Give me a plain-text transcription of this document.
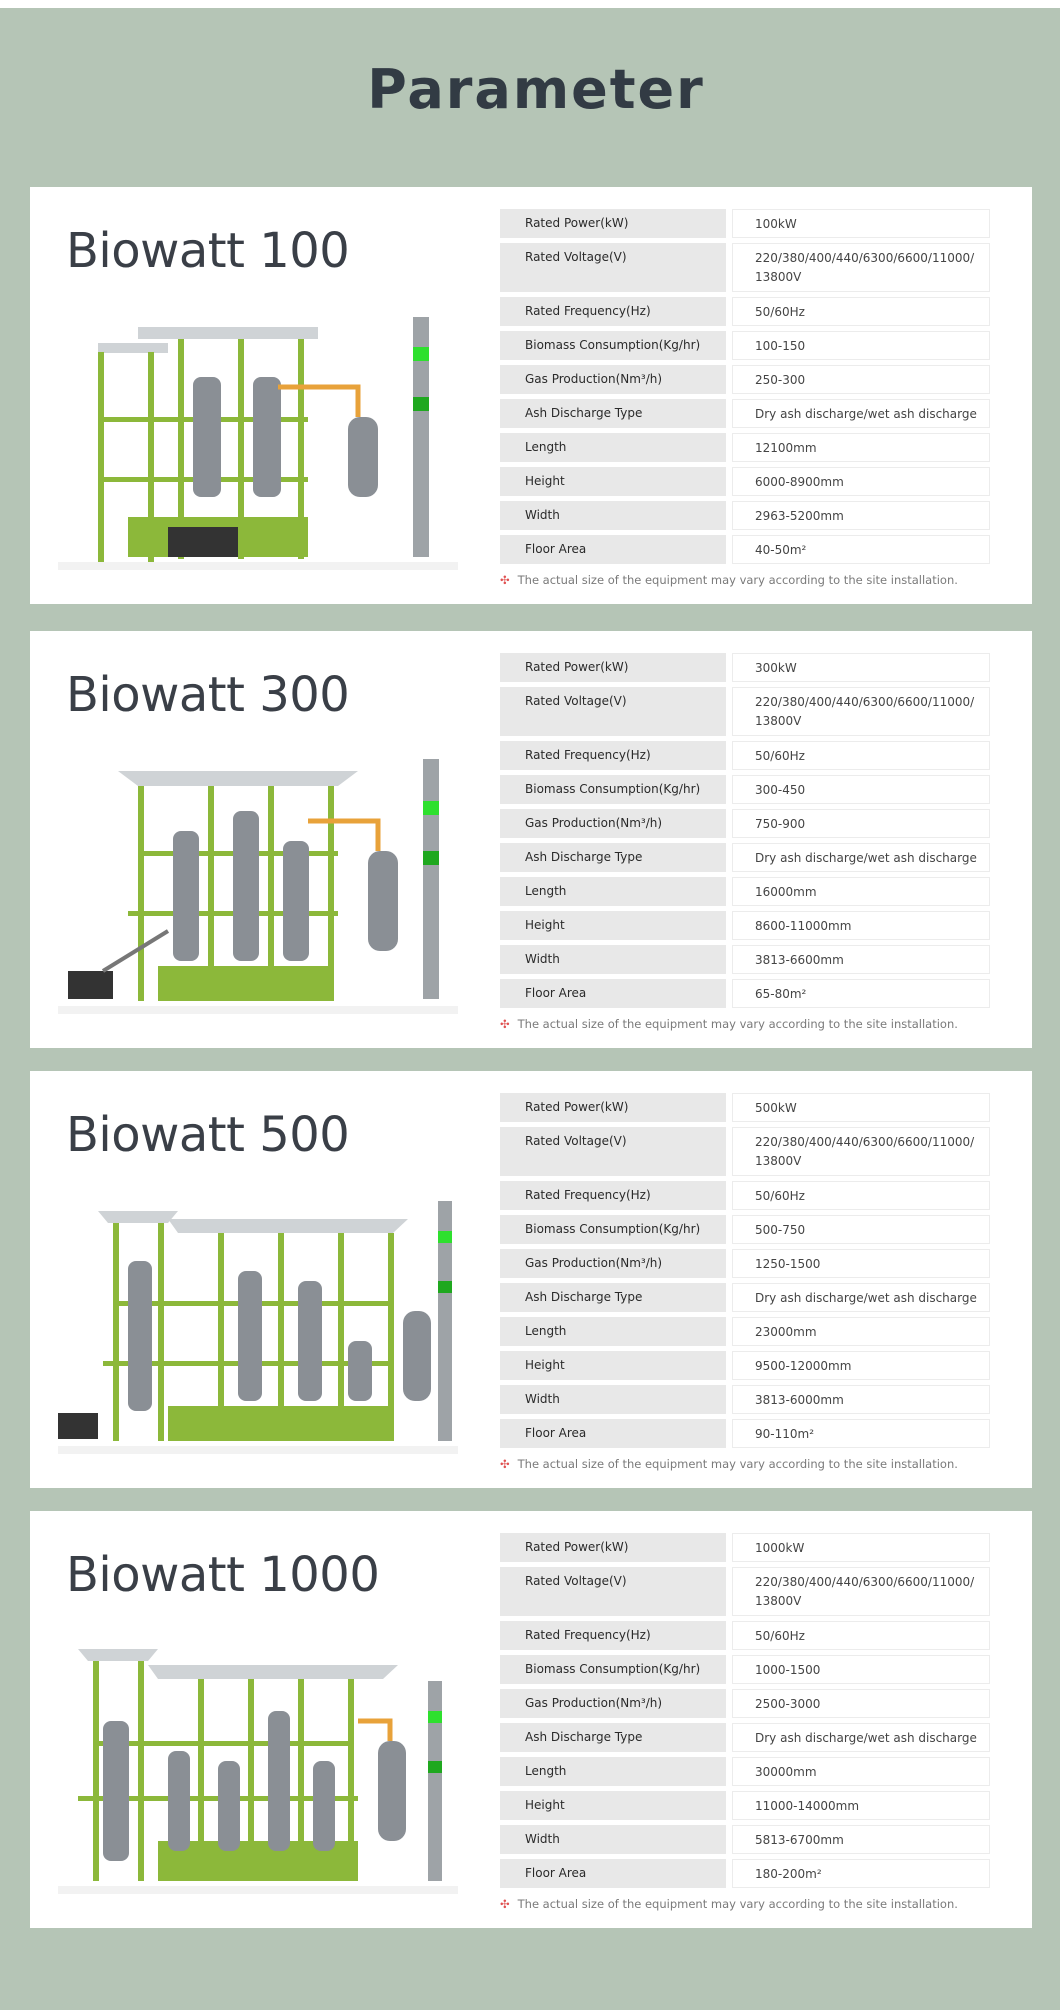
Parameter
Biowatt 100	Rated Power(kW)	100kW
Rated Voltage(V)	220/380/400/440/6300/6600/11000/ 13800V
Rated Frequency(Hz)	50/60Hz
Biomass Consumption(Kg/hr)	100-150
Gas Production(Nm³/h)	250-300
Ash Discharge Type	Dry ash discharge/wet ash discharge
Length	12100mm
Height	6000-8900mm
Width	2963-5200mm
Floor Area	40-50m²
✣ The actual size of the equipment may vary according to the site installation.
Biowatt 300	Rated Power(kW)	300kW
Rated Voltage(V)	220/380/400/440/6300/6600/11000/ 13800V
Rated Frequency(Hz)	50/60Hz
Biomass Consumption(Kg/hr)	300-450
Gas Production(Nm³/h)	750-900
Ash Discharge Type	Dry ash discharge/wet ash discharge
Length	16000mm
Height	8600-11000mm
Width	3813-6600mm
Floor Area	65-80m²
✣ The actual size of the equipment may vary according to the site installation.
Biowatt 500	Rated Power(kW)	500kW
Rated Voltage(V)	220/380/400/440/6300/6600/11000/ 13800V
Rated Frequency(Hz)	50/60Hz
Biomass Consumption(Kg/hr)	500-750
Gas Production(Nm³/h)	1250-1500
Ash Discharge Type	Dry ash discharge/wet ash discharge
Length	23000mm
Height	9500-12000mm
Width	3813-6000mm
Floor Area	90-110m²
✣ The actual size of the equipment may vary according to the site installation.
Biowatt 1000	Rated Power(kW)	1000kW
Rated Voltage(V)	220/380/400/440/6300/6600/11000/ 13800V
Rated Frequency(Hz)	50/60Hz
Biomass Consumption(Kg/hr)	1000-1500
Gas Production(Nm³/h)	2500-3000
Ash Discharge Type	Dry ash discharge/wet ash discharge
Length	30000mm
Height	11000-14000mm
Width	5813-6700mm
Floor Area	180-200m²
✣ The actual size of the equipment may vary according to the site installation.
